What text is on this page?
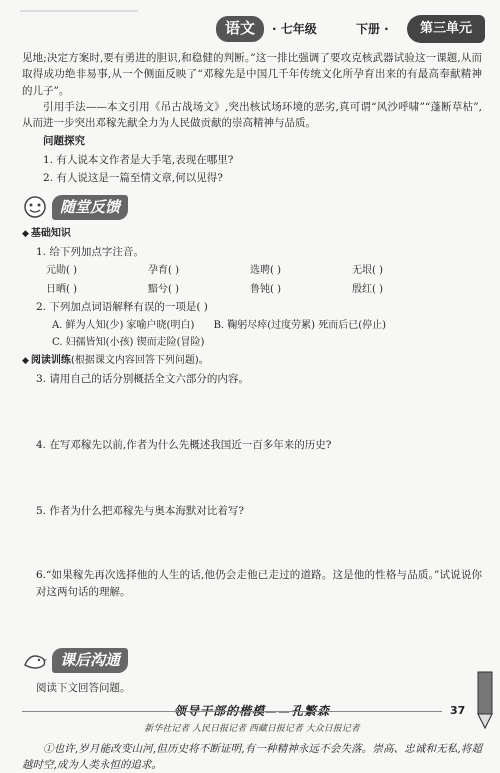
语文	· 七年级	下册 ·	第三单元

见地;决定方案时,要有勇进的胆识,和稳健的判断。”这一排比强调了要攻克核武器试验这一课题,从而取得成功绝非易事,从一个侧面反映了“邓稼先是中国几千年传统文化所孕育出来的有最高奉献精神的儿子”。

引用手法——本文引用《吊古战场文》,突出核试场环境的恶劣,真可谓“风沙呼啸”“蓬断草枯”,从而进一步突出邓稼先献全力为人民做贡献的崇高精神与品质。

问题探究
1. 有人说本文作者是大手笔,表现在哪里?
2. 有人说这是一篇至情文章,何以见得?
随堂反馈
◆ 基础知识
1. 给下列加点字注音。
元勋( )	孕育( )	选聘( )	无垠( )
日晒( )	黯兮( )	鲁钝( )	殷红( )
2. 下列加点词语解释有误的一项是( )
A. 鲜为人知(少) 家喻户晓(明白) B. 鞠躬尽瘁(过度劳累) 死而后已(停止)
C. 妇孺皆知(小孩) 锲而走险(冒险)
◆ 阅读训练(根据课文内容回答下列问题)。
3. 请用自己的话分别概括全文六部分的内容。
4. 在写邓稼先以前,作者为什么先概述我国近一百多年来的历史?
5. 作者为什么把邓稼先与奥本海默对比着写?
6.“如果稼先再次选择他的人生的话,他仍会走他已走过的道路。这是他的性格与品质。”试说说你对这两句话的理解。
课后沟通
阅读下文回答问题。
领导干部的楷模——孔繁森
新华社记者 人民日报记者 西藏日报记者 大众日报记者

①也许,岁月能改变山河,但历史将不断证明,有一种精神永远不会失落。崇高、忠诚和无私,将超越时空,成为人类永恒的追求。

37
